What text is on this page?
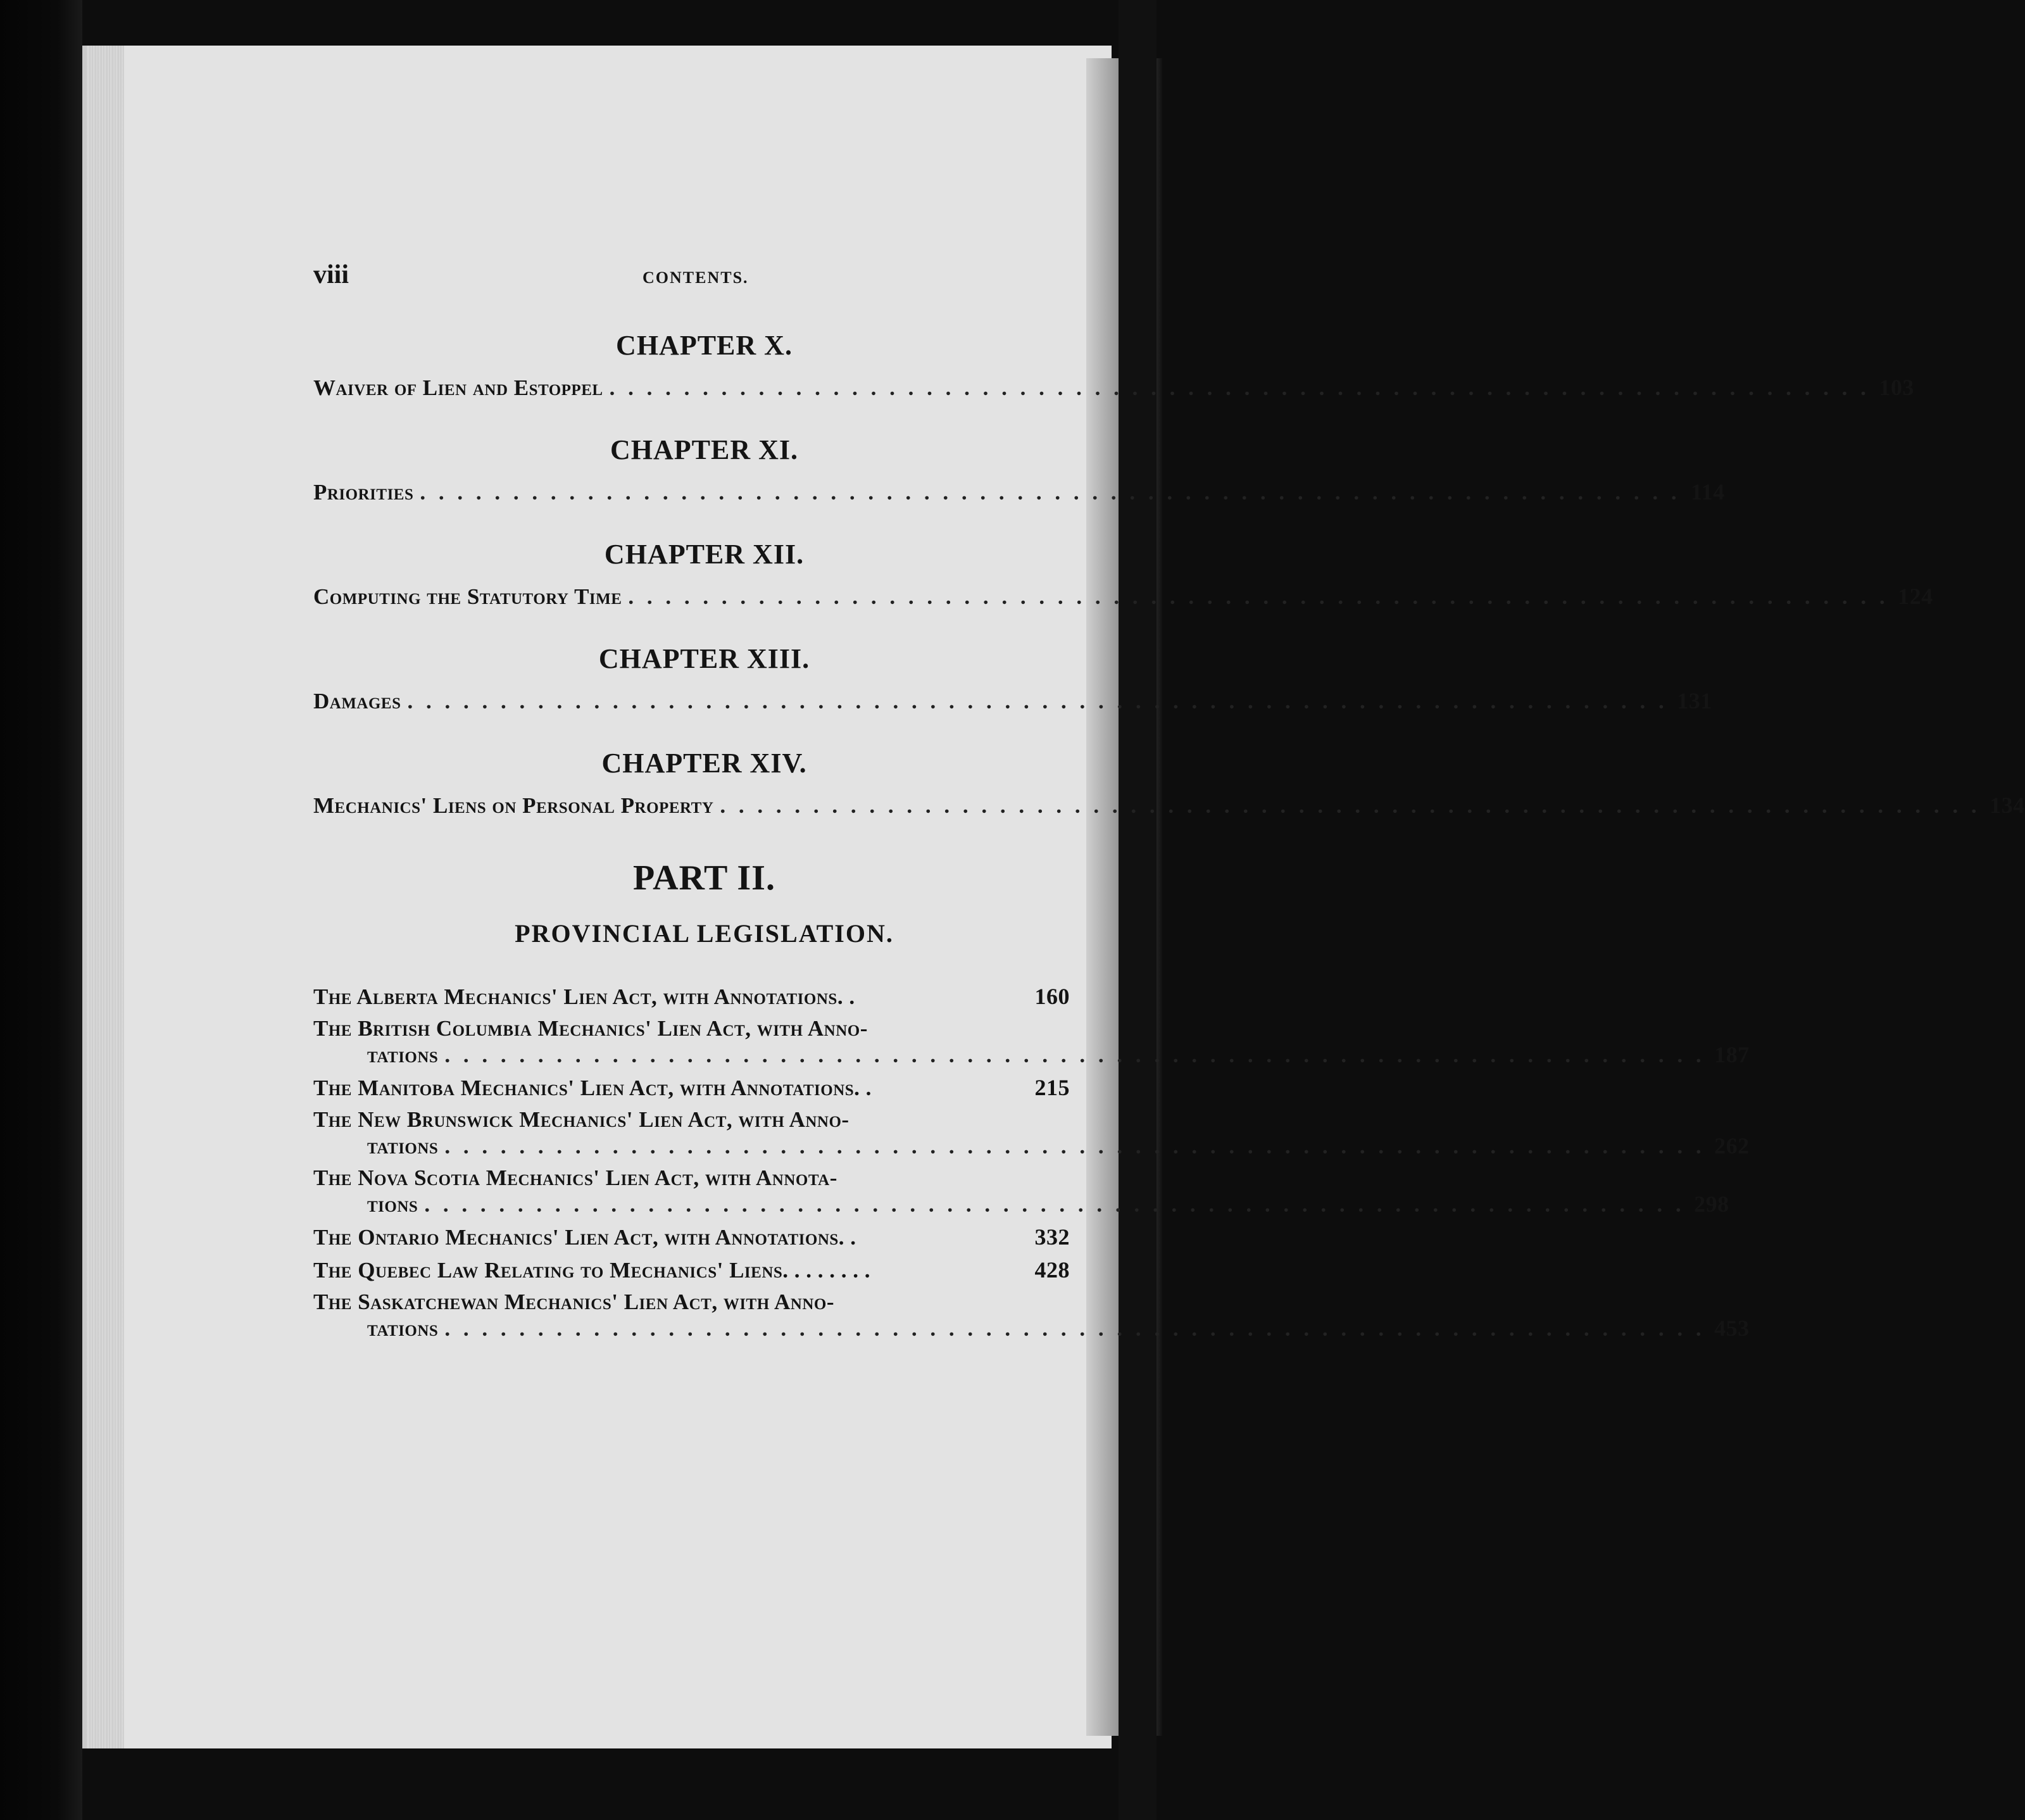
viii	CONTENTS.
CHAPTER X.
Waiver of Lien and Estoppel . . . . . . . . . . . . . . . . . . . . . . . . . . . . . . . . . . . . . . . . . . . . . . . . . . . . . . . . . . . . . . . . . . . . 103
CHAPTER XI.
Priorities . . . . . . . . . . . . . . . . . . . . . . . . . . . . . . . . . . . . . . . . . . . . . . . . . . . . . . . . . . . . . . . . . . . . 114
CHAPTER XII.
Computing the Statutory Time . . . . . . . . . . . . . . . . . . . . . . . . . . . . . . . . . . . . . . . . . . . . . . . . . . . . . . . . . . . . . . . . . . . . 124
CHAPTER XIII.
Damages . . . . . . . . . . . . . . . . . . . . . . . . . . . . . . . . . . . . . . . . . . . . . . . . . . . . . . . . . . . . . . . . . . . . 131
CHAPTER XIV.
Mechanics' Liens on Personal Property . . . . . . . . . . . . . . . . . . . . . . . . . . . . . . . . . . . . . . . . . . . . . . . . . . . . . . . . . . . . . . . . . . . . 134
PART II.
PROVINCIAL LEGISLATION.
The Alberta Mechanics' Lien Act, with Annotations. .	160
The British Columbia Mechanics' Lien Act, with Anno-
tations . . . . . . . . . . . . . . . . . . . . . . . . . . . . . . . . . . . . . . . . . . . . . . . . . . . . . . . . . . . . . . . . . . . . 187
The Manitoba Mechanics' Lien Act, with Annotations. .	215
The New Brunswick Mechanics' Lien Act, with Anno-
tations . . . . . . . . . . . . . . . . . . . . . . . . . . . . . . . . . . . . . . . . . . . . . . . . . . . . . . . . . . . . . . . . . . . . 262
The Nova Scotia Mechanics' Lien Act, with Annota-
tions . . . . . . . . . . . . . . . . . . . . . . . . . . . . . . . . . . . . . . . . . . . . . . . . . . . . . . . . . . . . . . . . . . . . 298
The Ontario Mechanics' Lien Act, with Annotations. .	332
The Quebec Law Relating to Mechanics' Liens. . . . . . . .	428
The Saskatchewan Mechanics' Lien Act, with Anno-
tations . . . . . . . . . . . . . . . . . . . . . . . . . . . . . . . . . . . . . . . . . . . . . . . . . . . . . . . . . . . . . . . . . . . . 453
